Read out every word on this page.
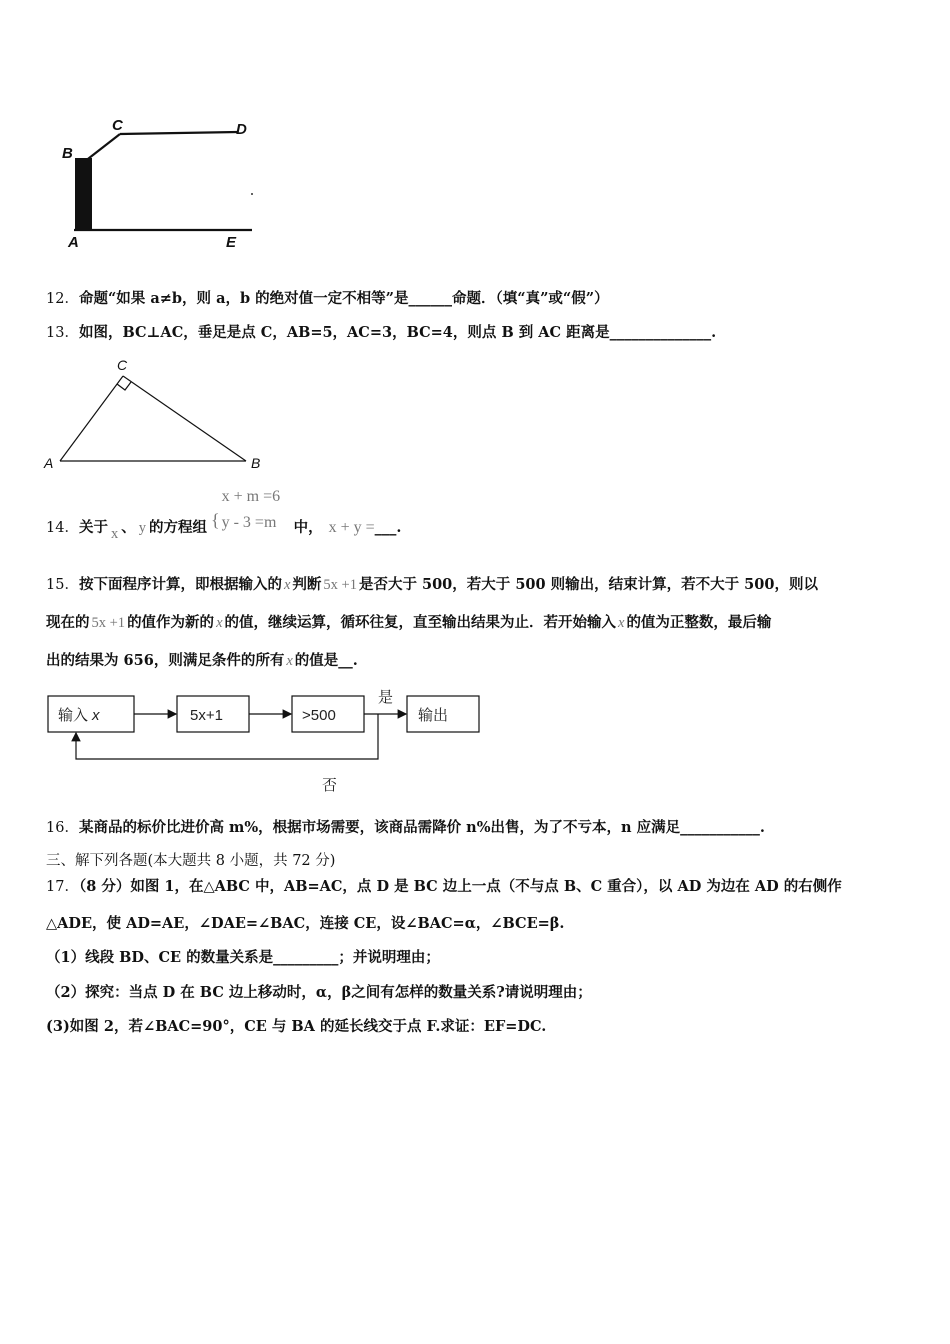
B
C	D
A	E
12．命题“如果 a≠b，则 a，b 的绝对值一定不相等”是______命题．（填“真”或“假”）
13．如图，BC⊥AC，垂足是点 C，AB=5，AC=3，BC=4，则点 B 到 AC 距离是______________.
C
A	B
14．关于 x 、 y 的方程组 {
x + m =6
y - 3 =m 中， x + y =___.
15．按下面程序计算，即根据输入的 x 判断 5x +1 是否大于 500，若大于 500 则输出，结束计算，若不大于 500，则以
现在的 5x +1 的值作为新的 x 的值，继续运算，循环往复，直至输出结果为止．若开始输入 x 的值为正整数，最后输
出的结果为 656，则满足条件的所有 x 的值是__.
输入 x	5x+1	>500	输出
是
否
16．某商品的标价比进价高 m%，根据市场需要，该商品需降价 n%出售，为了不亏本，n 应满足___________.
三、解下列各题(本大题共 8 小题，共 72 分)
17．（8 分）如图 1，在△ABC 中，AB=AC，点 D 是 BC 边上一点（不与点 B、C 重合），以 AD 为边在 AD 的右侧作
△ADE，使 AD=AE，∠DAE=∠BAC，连接 CE，设∠BAC=α，∠BCE=β.
（1）线段 BD、CE 的数量关系是_________；并说明理由；
（2）探究：当点 D 在 BC 边上移动时，α，β之间有怎样的数量关系?请说明理由；
(3)如图 2，若∠BAC=90°，CE 与 BA 的延长线交于点 F.求证：EF=DC.
